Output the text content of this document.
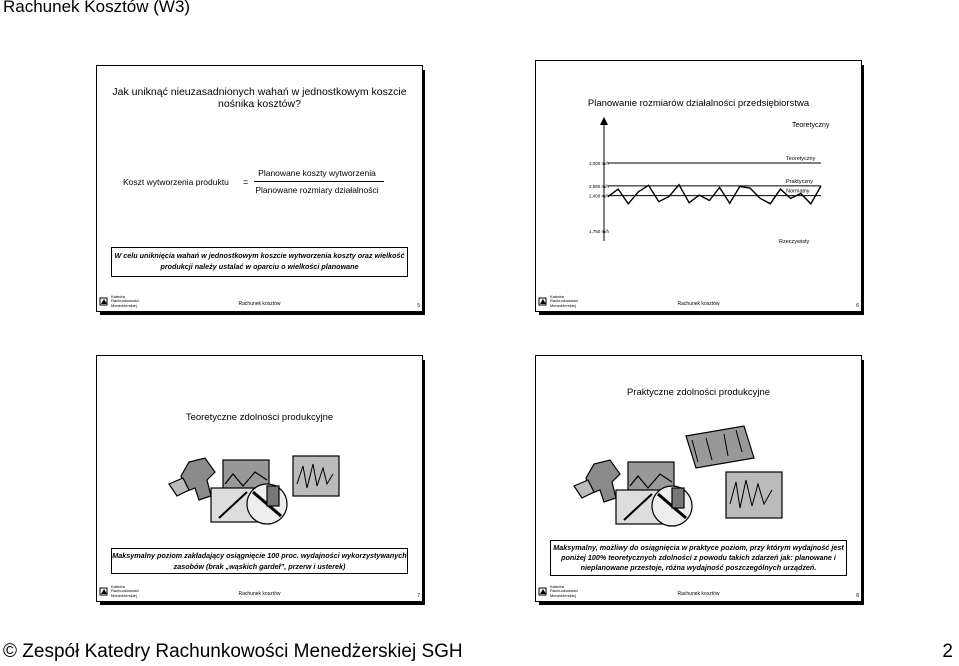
Rachunek Kosztów (W3)
Jak uniknąć nieuzasadnionych wahań w jednostkowym koszcie nośnika kosztów?
Koszt wytworzenia produktu =
Planowane koszty wytworzenia
Planowane rozmiary działalności
W celu uniknięcia wahań w jednostkowym koszcie wytworzenia koszty oraz wielkość produkcji należy ustalać w oparciu o wielkości planowane
Katedra
Rachunkowości
Menedżerskiej	Rachunek kosztów	5
Planowanie rozmiarów działalności przedsiębiorstwa
Teoretyczny
3,000 m/h
2,580 m/h
2,400 m/h
1,750 m/h
Teoretyczny
Praktyczny
Normalny
Rzeczywisty
Katedra
Rachunkowości
Menedżerskiej	Rachunek kosztów	6
Teoretyczne zdolności produkcyjne
Maksymalny poziom zakładający osiągnięcie 100 proc. wydajności wykorzystywanych zasobów (brak „wąskich gardeł”, przerw i usterek)
Katedra
Rachunkowości
Menedżerskiej	Rachunek kosztów	7
Praktyczne zdolności produkcyjne
Maksymalny, możliwy do osiągnięcia w praktyce poziom, przy którym wydajność jest poniżej 100% teoretycznych zdolności z powodu takich zdarzeń jak: planowane i nieplanowane przestoje, różna wydajność poszczególnych urządzeń.
Katedra
Rachunkowości
Menedżerskiej	Rachunek kosztów	8
© Zespół Katedry Rachunkowości Menedżerskiej SGH	2
